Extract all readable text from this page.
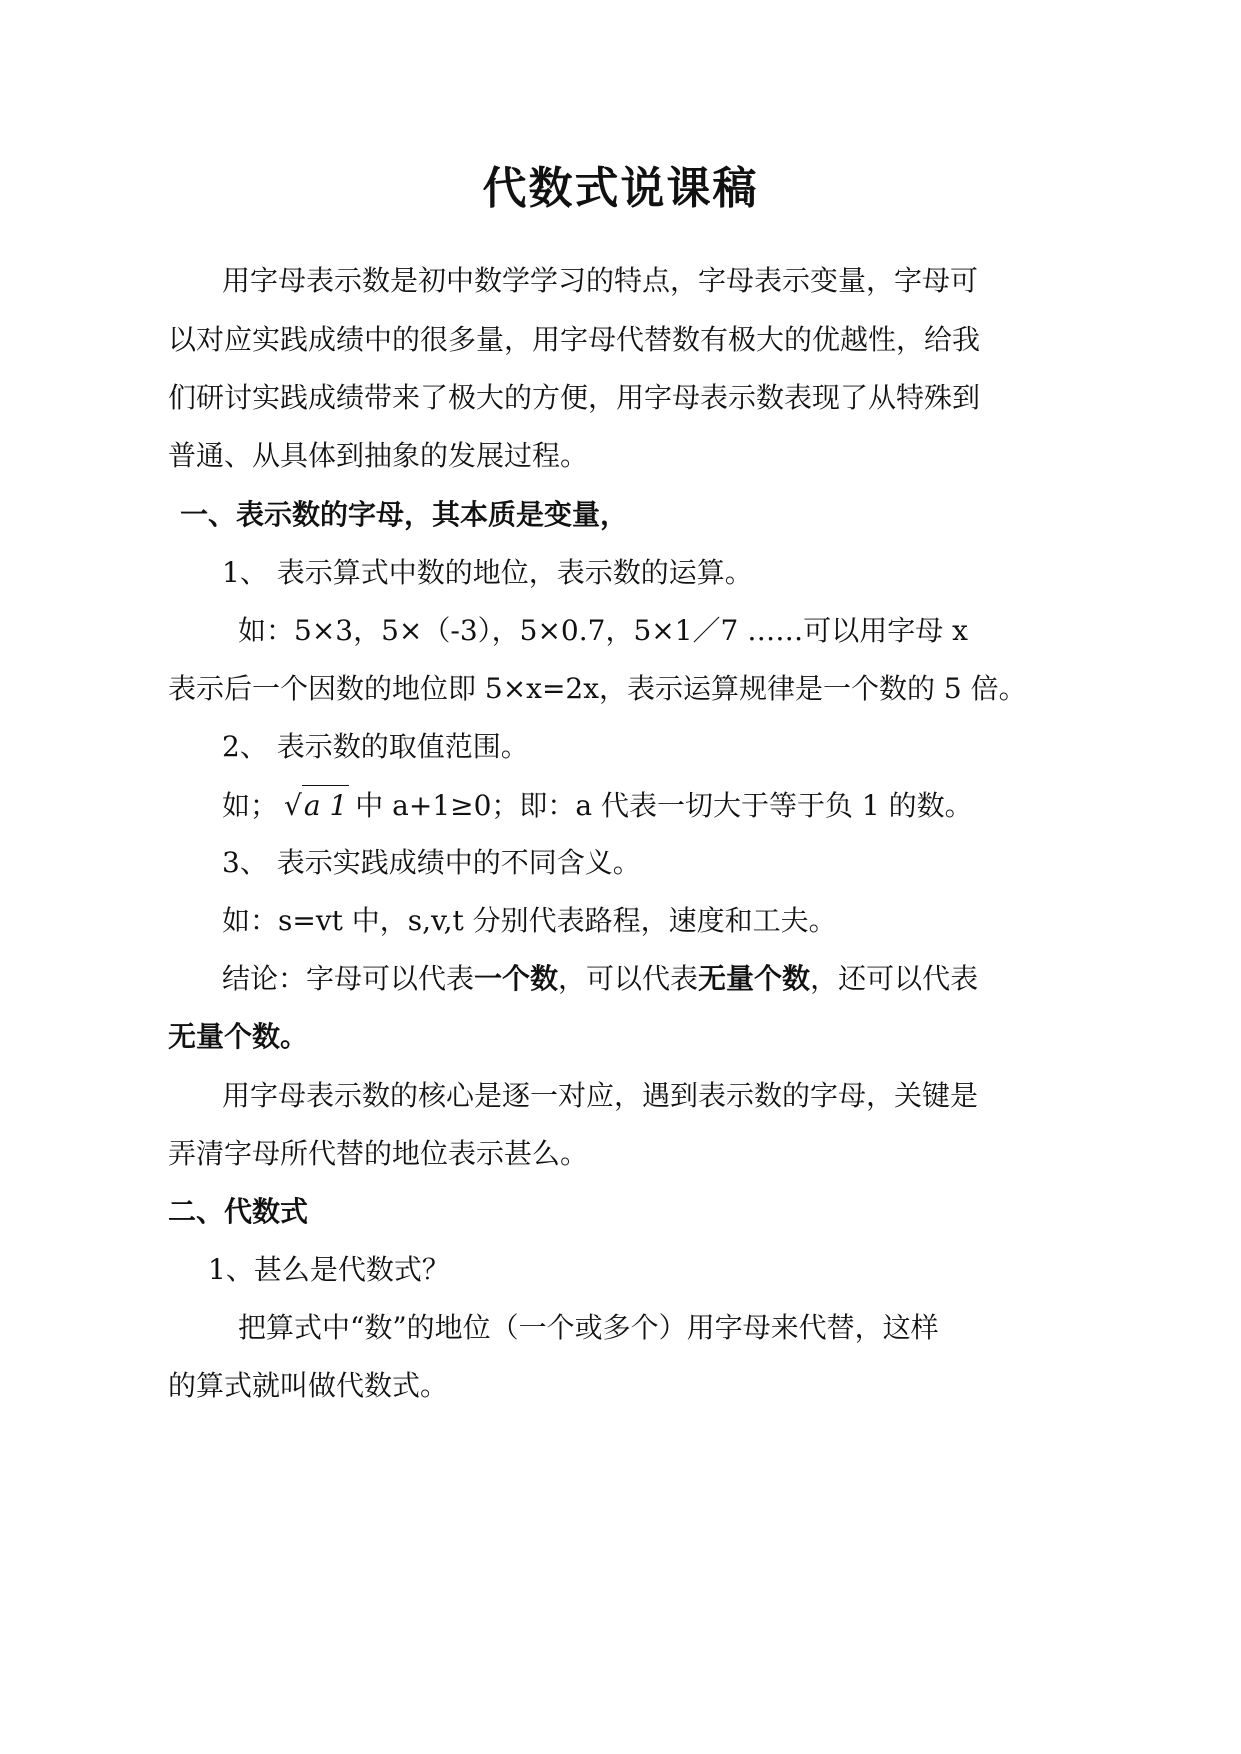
代数式说课稿
用字母表示数是初中数学学习的特点，字母表示变量，字母可
以对应实践成绩中的很多量，用字母代替数有极大的优越性，给我
们研讨实践成绩带来了极大的方便，用字母表示数表现了从特殊到
普通、从具体到抽象的发展过程。
一、表示数的字母，其本质是变量，
1、 表示算式中数的地位，表示数的运算。
如：5×3，5×（-3），5×0.7，5×1／7 ……可以用字母 x
表示后一个因数的地位即 5×x=2x，表示运算规律是一个数的 5 倍。
2、 表示数的取值范围。
如； √a 1 中 a+1≥0；即：a 代表一切大于等于负 1 的数。
3、 表示实践成绩中的不同含义。
如：s=vt 中，s,v,t 分别代表路程，速度和工夫。
结论：字母可以代表一个数，可以代表无量个数，还可以代表
无量个数。
用字母表示数的核心是逐一对应，遇到表示数的字母，关键是
弄清字母所代替的地位表示甚么。
二、代数式
1、甚么是代数式？
把算式中“数”的地位（一个或多个）用字母来代替，这样
的算式就叫做代数式。
